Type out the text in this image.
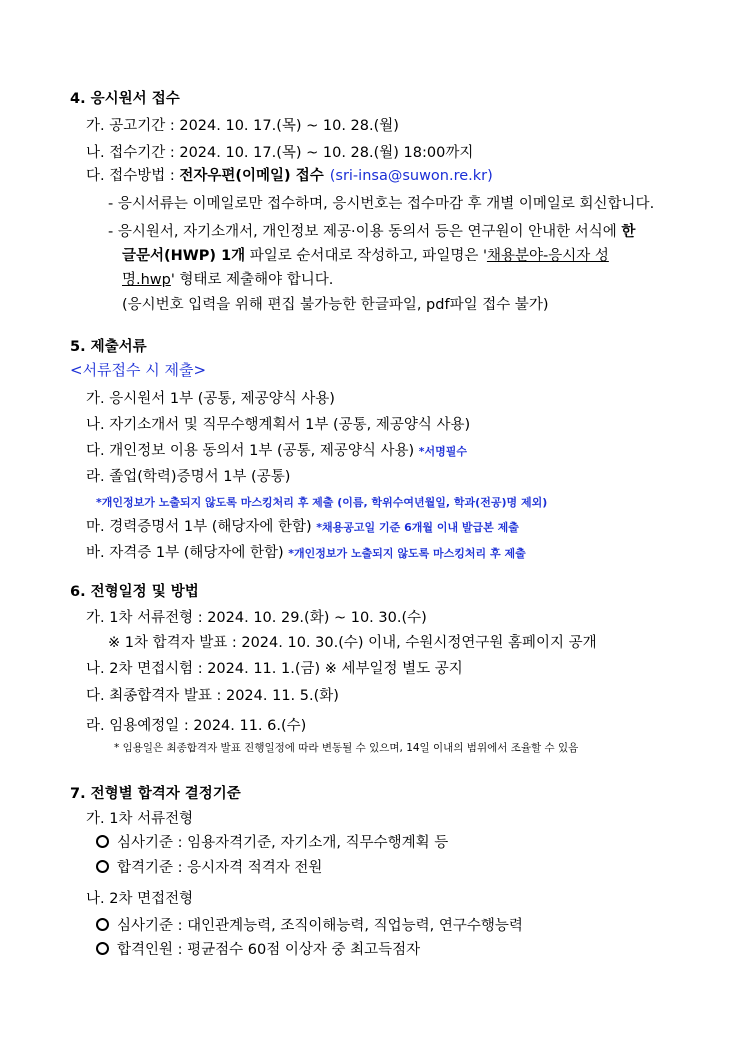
4. 응시원서 접수
가. 공고기간 : 2024. 10. 17.(목) ~ 10. 28.(월)
나. 접수기간 : 2024. 10. 17.(목) ~ 10. 28.(월) 18:00까지
다. 접수방법 : 전자우편(이메일) 접수 (sri-insa@suwon.re.kr)
- 응시서류는 이메일로만 접수하며, 응시번호는 접수마감 후 개별 이메일로 회신합니다.
- 응시원서, 자기소개서, 개인정보 제공·이용 동의서 등은 연구원이 안내한 서식에 한
글문서(HWP) 1개 파일로 순서대로 작성하고, 파일명은 '채용분야-응시자 성
명.hwp' 형태로 제출해야 합니다.
(응시번호 입력을 위해 편집 불가능한 한글파일, pdf파일 접수 불가)
5. 제출서류
<서류접수 시 제출>
가. 응시원서 1부 (공통, 제공양식 사용)
나. 자기소개서 및 직무수행계획서 1부 (공통, 제공양식 사용)
다. 개인정보 이용 동의서 1부 (공통, 제공양식 사용) *서명필수
라. 졸업(학력)증명서 1부 (공통)
*개인정보가 노출되지 않도록 마스킹처리 후 제출 (이름, 학위수여년월일, 학과(전공)명 제외)
마. 경력증명서 1부 (해당자에 한함) *채용공고일 기준 6개월 이내 발급본 제출
바. 자격증 1부 (해당자에 한함) *개인정보가 노출되지 않도록 마스킹처리 후 제출
6. 전형일정 및 방법
가. 1차 서류전형 : 2024. 10. 29.(화) ~ 10. 30.(수)
※ 1차 합격자 발표 : 2024. 10. 30.(수) 이내, 수원시정연구원 홈페이지 공개
나. 2차 면접시험 : 2024. 11. 1.(금) ※ 세부일정 별도 공지
다. 최종합격자 발표 : 2024. 11. 5.(화)
라. 임용예정일 : 2024. 11. 6.(수)
* 임용일은 최종합격자 발표 진행일정에 따라 변동될 수 있으며, 14일 이내의 범위에서 조율할 수 있음
7. 전형별 합격자 결정기준
가. 1차 서류전형
심사기준 : 임용자격기준, 자기소개, 직무수행계획 등
합격기준 : 응시자격 적격자 전원
나. 2차 면접전형
심사기준 : 대인관계능력, 조직이해능력, 직업능력, 연구수행능력
합격인원 : 평균점수 60점 이상자 중 최고득점자
